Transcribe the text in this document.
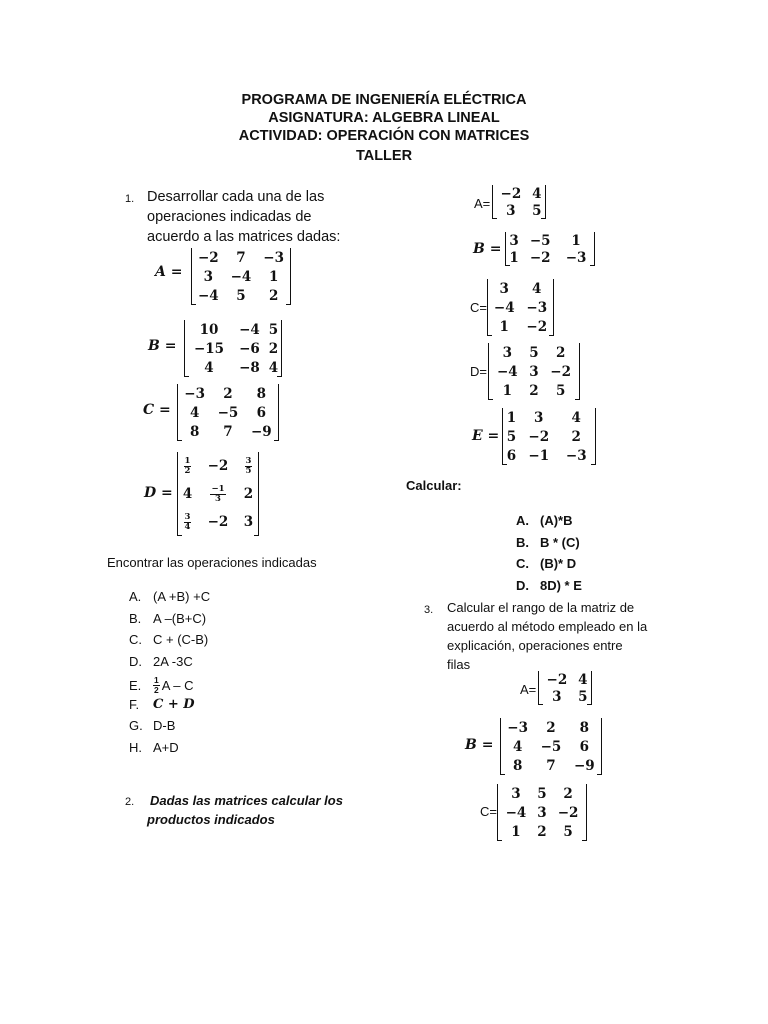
PROGRAMA DE INGENIERÍA ELÉCTRICA
ASIGNATURA: ALGEBRA LINEAL
ACTIVIDAD: OPERACIÓN CON MATRICES
TALLER
1. Desarrollar cada una de las
operaciones indicadas de
acuerdo a las matrices dadas:
A =
−2	7	−3
3	−4	1
−4	5	2
B =
10	−4	5
−15	−6	2
4	−8	4
C =
−3	2	8
4	−5	6
8	7	−9
D =
$\frac{1}{2}$	−2	$\frac{3}{5}$

4	$\frac{-1}{3}$	2

$\frac{3}{4}$	−2	3
Encontrar las operaciones indicadas
A. (A +B) +C
B. A –(B+C)
C. C + (C-B)
D. 2A -3C
E.	$\frac{1}{2}$ A – C
F.	C + D
G. D-B
H. A+D
2. Dadas las matrices calcular los
productos indicados
A=
−2	4
3	5
B =
3	−5	1
1	−2	−3
C=
3	4
−4	−3
1	−2
D=
3	5	2
−4	3	−2
1	2	5
E =
1	3	4
5	−2	2
6	−1	−3
Calcular:
A. (A)*B
B. B * (C)
C. (B)* D
D. 8D) * E
3. Calcular el rango de la matriz de
acuerdo al método empleado en la
explicación, operaciones entre
filas
A=
−2	4
3	5
B =
−3	2	8
4	−5	6
8	7	−9
C=
3	5	2
−4	3	−2
1	2	5
